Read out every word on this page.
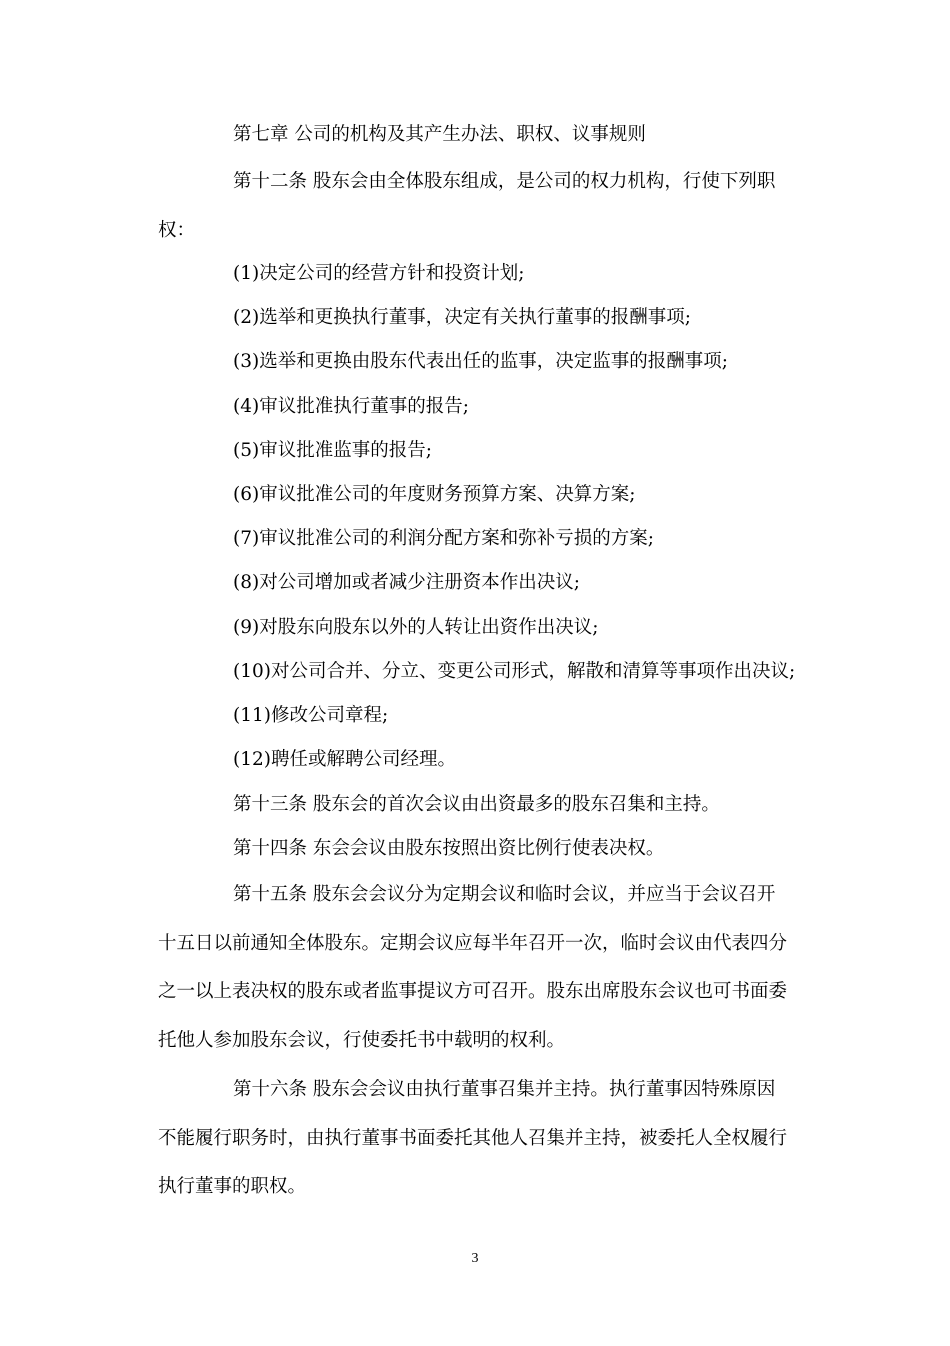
第七章 公司的机构及其产生办法、职权、议事规则

第十二条 股东会由全体股东组成，是公司的权力机构，行使下列职

权：

(1)决定公司的经营方针和投资计划;

(2)选举和更换执行董事，决定有关执行董事的报酬事项;

(3)选举和更换由股东代表出任的监事，决定监事的报酬事项;

(4)审议批准执行董事的报告;

(5)审议批准监事的报告;

(6)审议批准公司的年度财务预算方案、决算方案;

(7)审议批准公司的利润分配方案和弥补亏损的方案;

(8)对公司增加或者减少注册资本作出决议;

(9)对股东向股东以外的人转让出资作出决议;

(10)对公司合并、分立、变更公司形式，解散和清算等事项作出决议;

(11)修改公司章程;

(12)聘任或解聘公司经理。

第十三条 股东会的首次会议由出资最多的股东召集和主持。

第十四条 东会会议由股东按照出资比例行使表决权。

第十五条 股东会会议分为定期会议和临时会议，并应当于会议召开

十五日以前通知全体股东。定期会议应每半年召开一次，临时会议由代表四分

之一以上表决权的股东或者监事提议方可召开。股东出席股东会议也可书面委

托他人参加股东会议，行使委托书中载明的权利。

第十六条 股东会会议由执行董事召集并主持。执行董事因特殊原因

不能履行职务时，由执行董事书面委托其他人召集并主持，被委托人全权履行

执行董事的职权。

3
